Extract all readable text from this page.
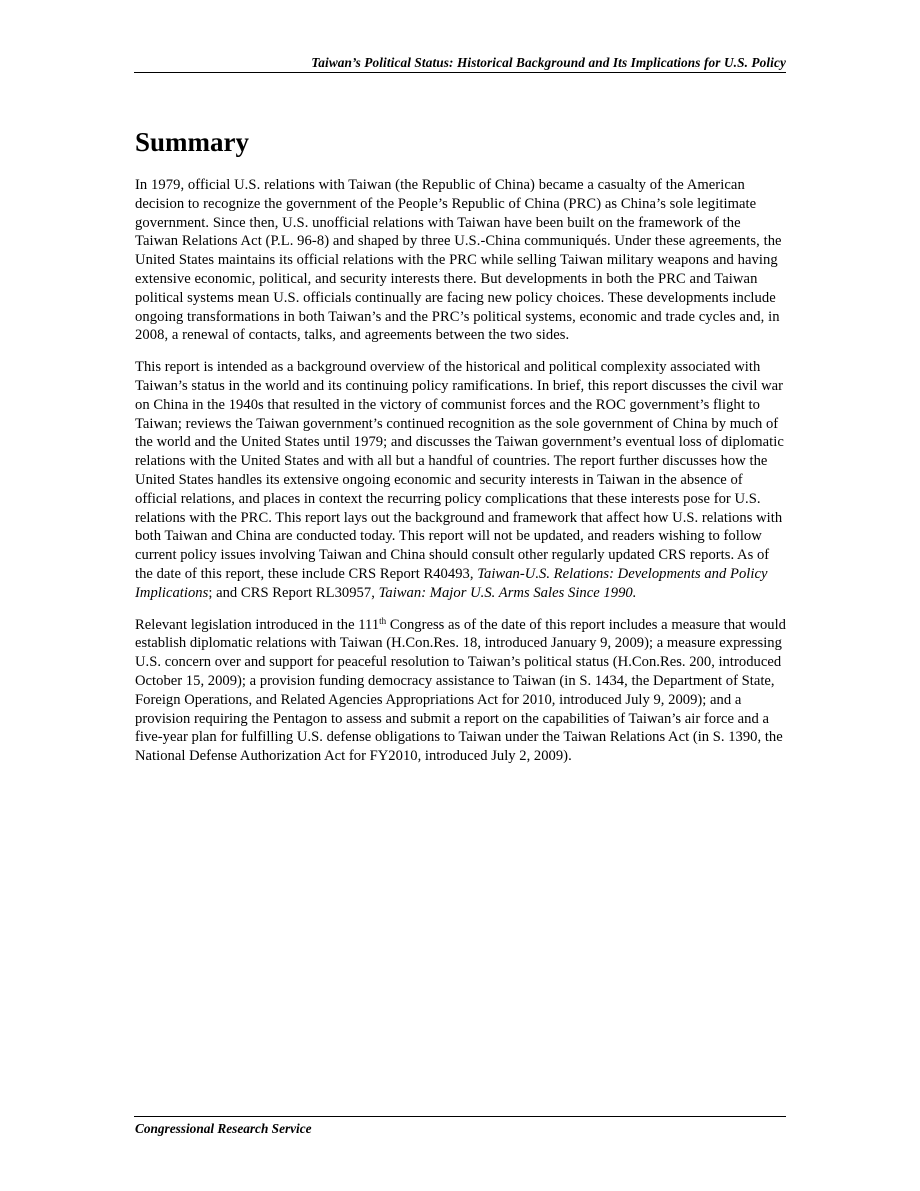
Taiwan’s Political Status: Historical Background and Its Implications for U.S. Policy
Summary

In 1979, official U.S. relations with Taiwan (the Republic of China) became a casualty of the American decision to recognize the government of the People’s Republic of China (PRC) as China’s sole legitimate government. Since then, U.S. unofficial relations with Taiwan have been built on the framework of the Taiwan Relations Act (P.L. 96-8) and shaped by three U.S.-China communiqués. Under these agreements, the United States maintains its official relations with the PRC while selling Taiwan military weapons and having extensive economic, political, and security interests there. But developments in both the PRC and Taiwan political systems mean U.S. officials continually are facing new policy choices. These developments include ongoing transformations in both Taiwan’s and the PRC’s political systems, economic and trade cycles and, in 2008, a renewal of contacts, talks, and agreements between the two sides.

This report is intended as a background overview of the historical and political complexity associated with Taiwan’s status in the world and its continuing policy ramifications. In brief, this report discusses the civil war on China in the 1940s that resulted in the victory of communist forces and the ROC government’s flight to Taiwan; reviews the Taiwan government’s continued recognition as the sole government of China by much of the world and the United States until 1979; and discusses the Taiwan government’s eventual loss of diplomatic relations with the United States and with all but a handful of countries. The report further discusses how the United States handles its extensive ongoing economic and security interests in Taiwan in the absence of official relations, and places in context the recurring policy complications that these interests pose for U.S. relations with the PRC. This report lays out the background and framework that affect how U.S. relations with both Taiwan and China are conducted today. This report will not be updated, and readers wishing to follow current policy issues involving Taiwan and China should consult other regularly updated CRS reports. As of the date of this report, these include CRS Report R40493, Taiwan-U.S. Relations: Developments and Policy Implications; and CRS Report RL30957, Taiwan: Major U.S. Arms Sales Since 1990.

Relevant legislation introduced in the 111th Congress as of the date of this report includes a measure that would establish diplomatic relations with Taiwan (H.Con.Res. 18, introduced January 9, 2009); a measure expressing U.S. concern over and support for peaceful resolution to Taiwan’s political status (H.Con.Res. 200, introduced October 15, 2009); a provision funding democracy assistance to Taiwan (in S. 1434, the Department of State, Foreign Operations, and Related Agencies Appropriations Act for 2010, introduced July 9, 2009); and a provision requiring the Pentagon to assess and submit a report on the capabilities of Taiwan’s air force and a five-year plan for fulfilling U.S. defense obligations to Taiwan under the Taiwan Relations Act (in S. 1390, the National Defense Authorization Act for FY2010, introduced July 2, 2009).

Congressional Research Service
